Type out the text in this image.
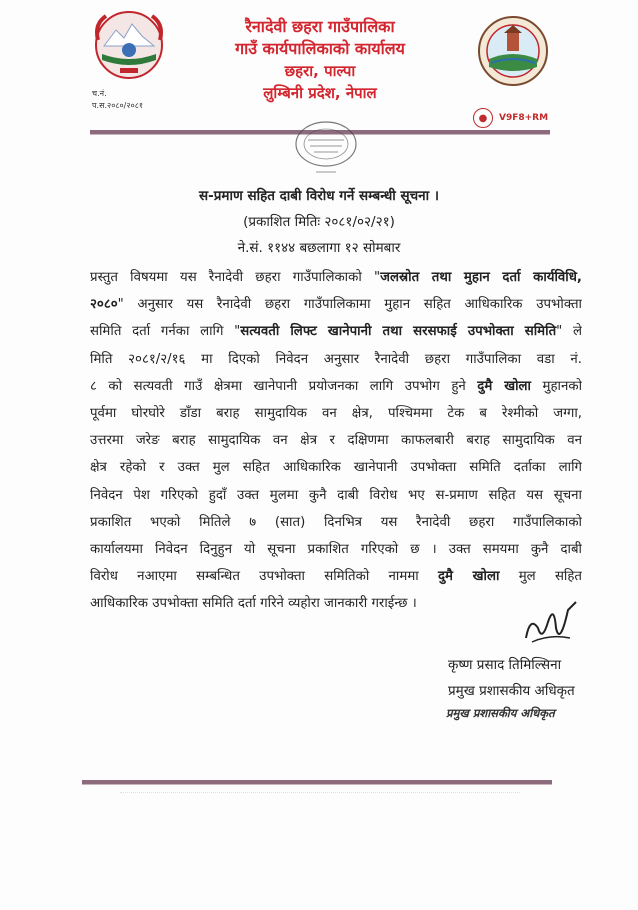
रैनादेवी छहरा गाउँपालिका
गाउँ कार्यपालिकाको कार्यालय
छहरा, पाल्पा
लुम्बिनी प्रदेश, नेपाल
च.नं.
प.स.२०८०/२०८१
●	V9F8+RM
स-प्रमाण सहित दाबी विरोध गर्ने सम्बन्धी सूचना ।
(प्रकाशित मितिः २०८१/०२/२१)
ने.सं. ११४४ बछलागा १२ सोमबार
प्रस्तुत विषयमा यस रैनादेवी छहरा गाउँपालिकाको "जलस्रोत तथा मुहान दर्ता कार्यविधि,
२०८०" अनुसार यस रैनादेवी छहरा गाउँपालिकामा मुहान सहित आधिकारिक उपभोक्ता
समिति दर्ता गर्नका लागि "सत्यवती लिफ्ट खानेपानी तथा सरसफाई उपभोक्ता समिति" ले
मिति २०८१/२/१६ मा दिएको निवेदन अनुसार रैनादेवी छहरा गाउँपालिका वडा नं.
८ को सत्यवती गाउँ क्षेत्रमा खानेपानी प्रयोजनका लागि उपभोग हुने दुमै खोला मुहानको
पूर्वमा घोरघोरे डाँडा बराह सामुदायिक वन क्षेत्र, पश्चिममा टेक ब रेश्मीको जग्गा,
उत्तरमा जरेङ बराह सामुदायिक वन क्षेत्र र दक्षिणमा काफलबारी बराह सामुदायिक वन
क्षेत्र रहेको र उक्त मुल सहित आधिकारिक खानेपानी उपभोक्ता समिति दर्ताका लागि
निवेदन पेश गरिएको हुदाँ उक्त मुलमा कुनै दाबी विरोध भए स-प्रमाण सहित यस सूचना
प्रकाशित भएको मितिले ७ (सात) दिनभित्र यस रैनादेवी छहरा गाउँपालिकाको
कार्यालयमा निवेदन दिनुहुन यो सूचना प्रकाशित गरिएको छ । उक्त समयमा कुनै दाबी
विरोध नआएमा सम्बन्धित उपभोक्ता समितिको नाममा दुमै खोला मुल सहित
आधिकारिक उपभोक्ता समिति दर्ता गरिने व्यहोरा जानकारी गराईन्छ ।
कृष्ण प्रसाद तिमिल्सिना
प्रमुख प्रशासकीय अधिकृत
प्रमुख प्रशासकीय अधिकृत
